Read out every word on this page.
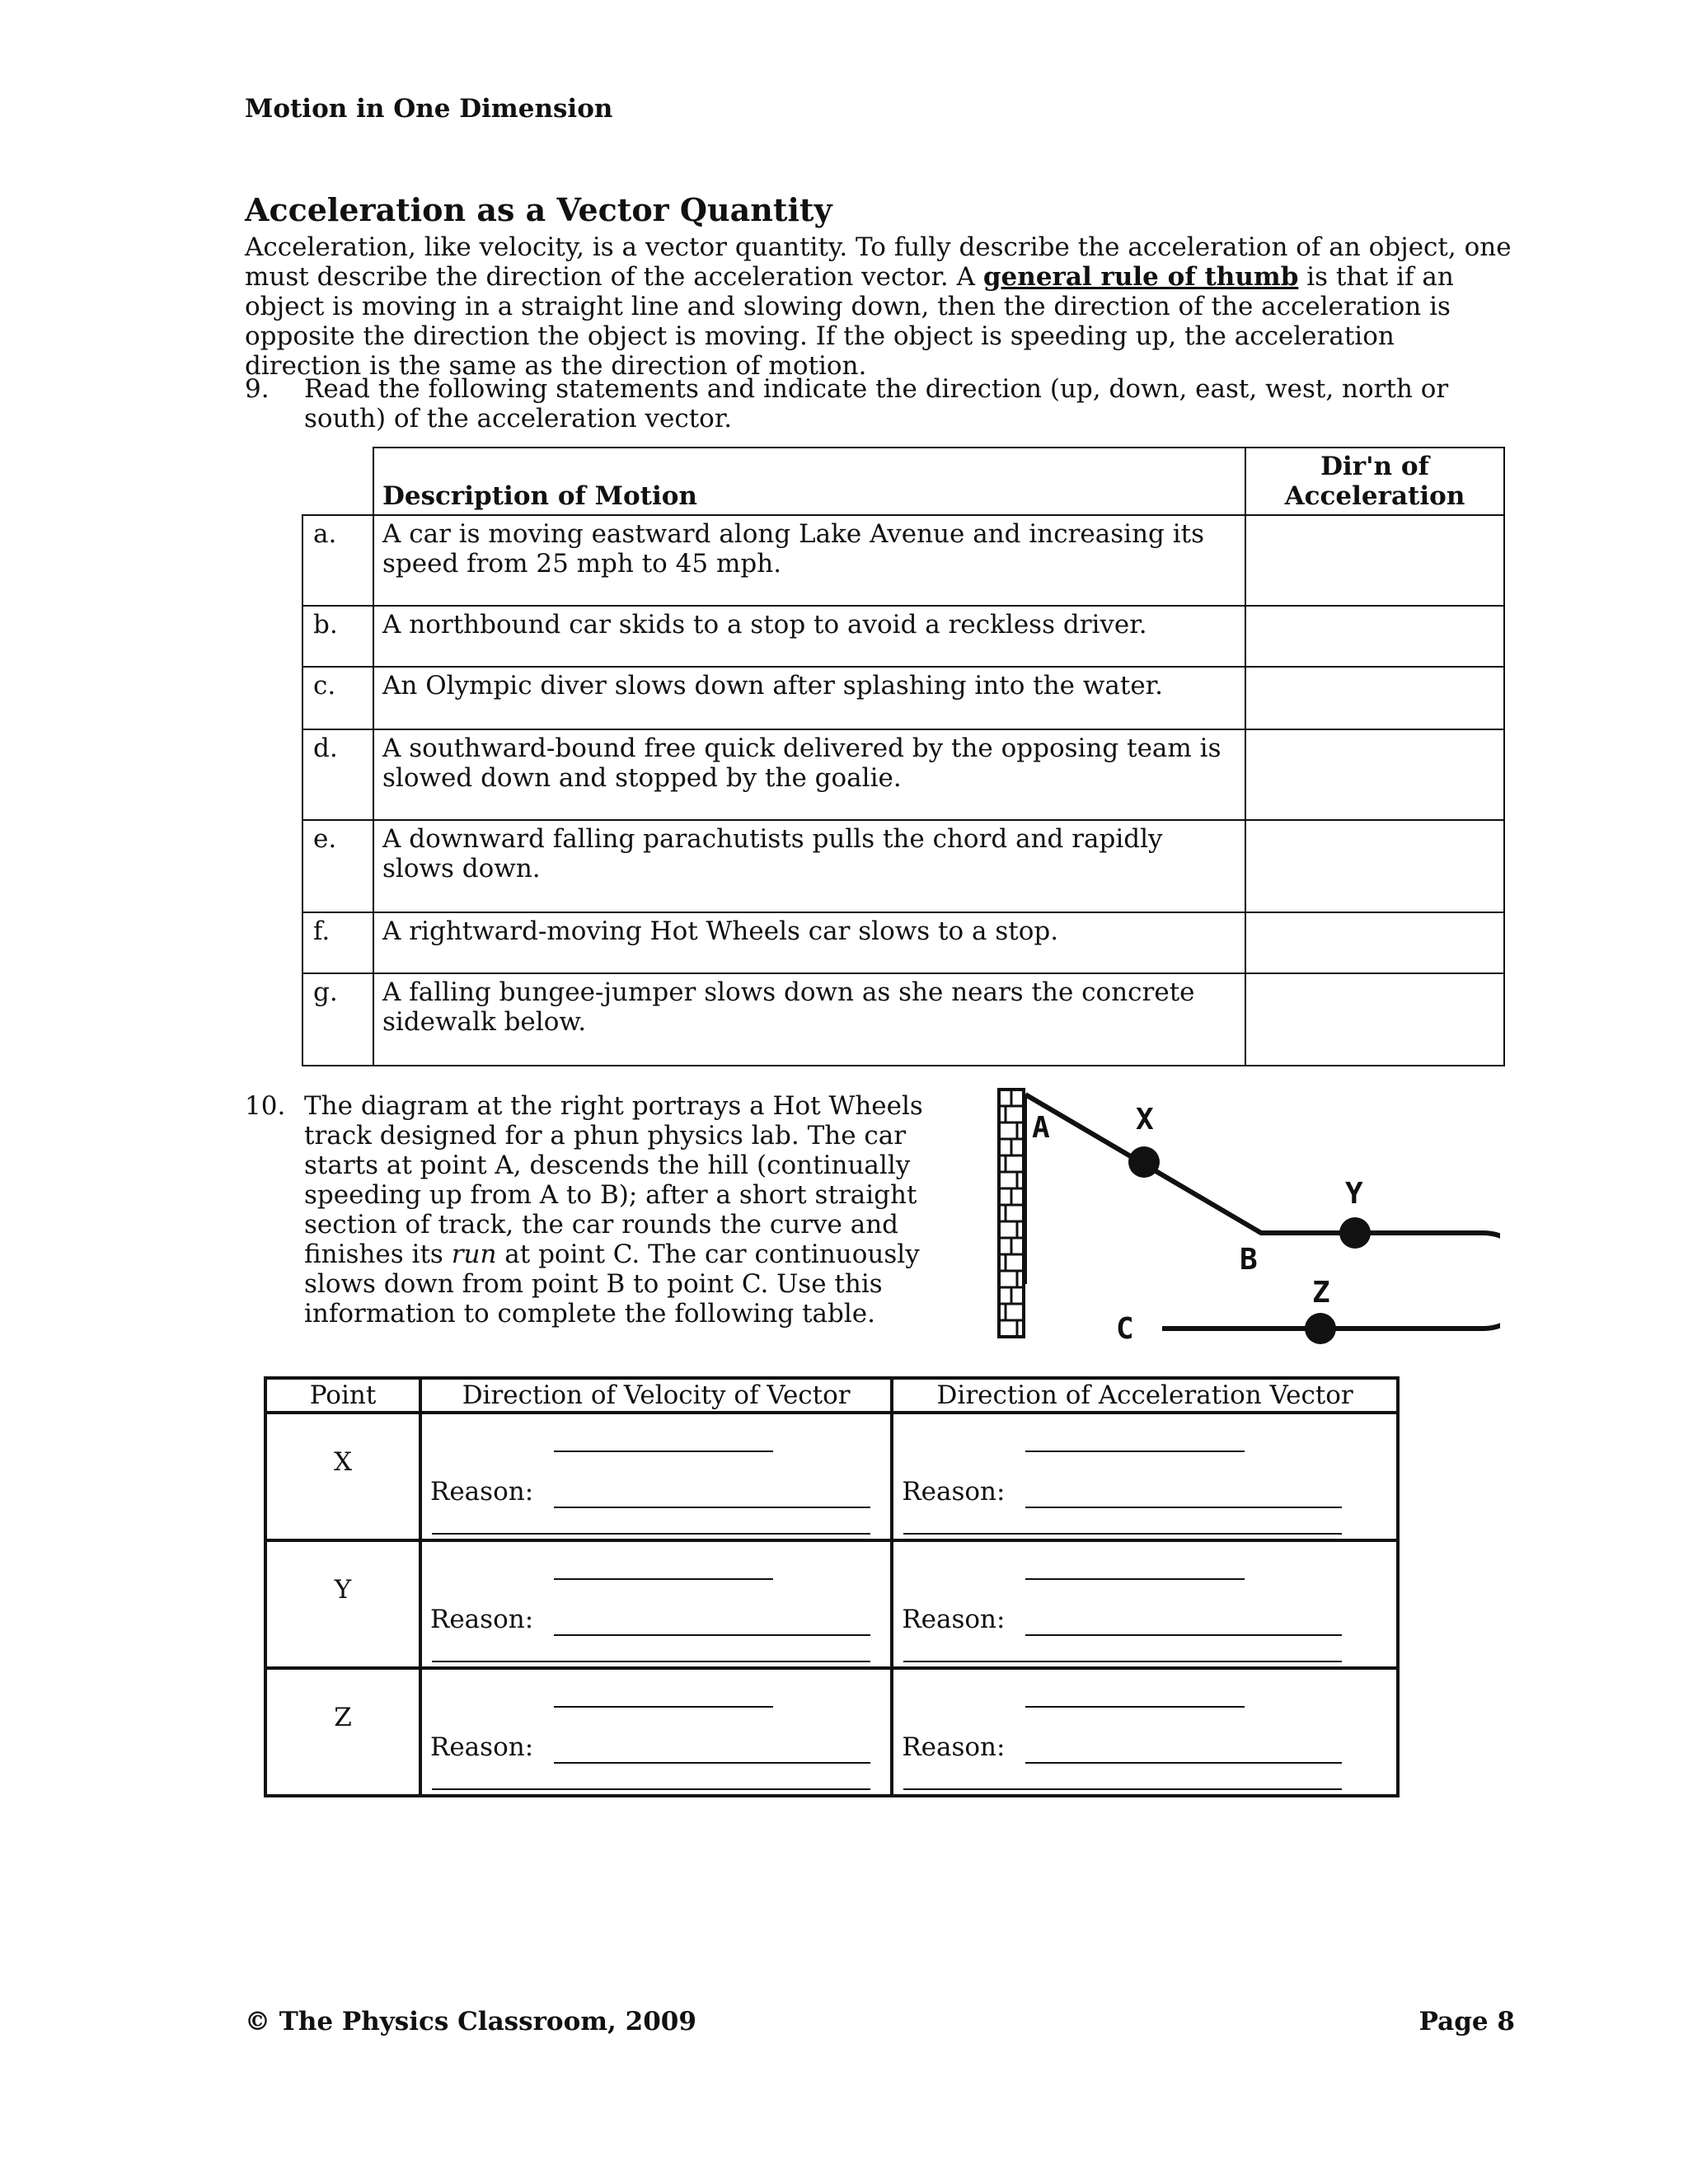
Motion in One Dimension
Acceleration as a Vector Quantity
Acceleration, like velocity, is a vector quantity. To fully describe the acceleration of an object, one must describe the direction of the acceleration vector. A general rule of thumb is that if an object is moving in a straight line and slowing down, then the direction of the acceleration is opposite the direction the object is moving. If the object is speeding up, the acceleration direction is the same as the direction of motion.
9. Read the following statements and indicate the direction (up, down, east, west, north or south) of the acceleration vector.
	Description of Motion	Dir'n of Acceleration
a.	A car is moving eastward along Lake Avenue and increasing its speed from 25 mph to 45 mph.	
b.	A northbound car skids to a stop to avoid a reckless driver.	
c.	An Olympic diver slows down after splashing into the water.	
d.	A southward-bound free quick delivered by the opposing team is slowed down and stopped by the goalie.	
e.	A downward falling parachutists pulls the chord and rapidly slows down.	
f.	A rightward-moving Hot Wheels car slows to a stop.	
g.	A falling bungee-jumper slows down as she nears the concrete sidewalk below.	
10. The diagram at the right portrays a Hot Wheels track designed for a phun physics lab. The car starts at point A, descends the hill (continually speeding up from A to B); after a short straight section of track, the car rounds the curve and finishes its run at point C. The car continuously slows down from point B to point C. Use this information to complete the following table.
A	X
B
Y
Z
C
Point	Direction of Velocity of Vector	Direction of Acceleration Vector
X	Reason:	Reason:

Y	Reason:	Reason:

Z	Reason:	Reason:
© The Physics Classroom, 2009	Page 8
